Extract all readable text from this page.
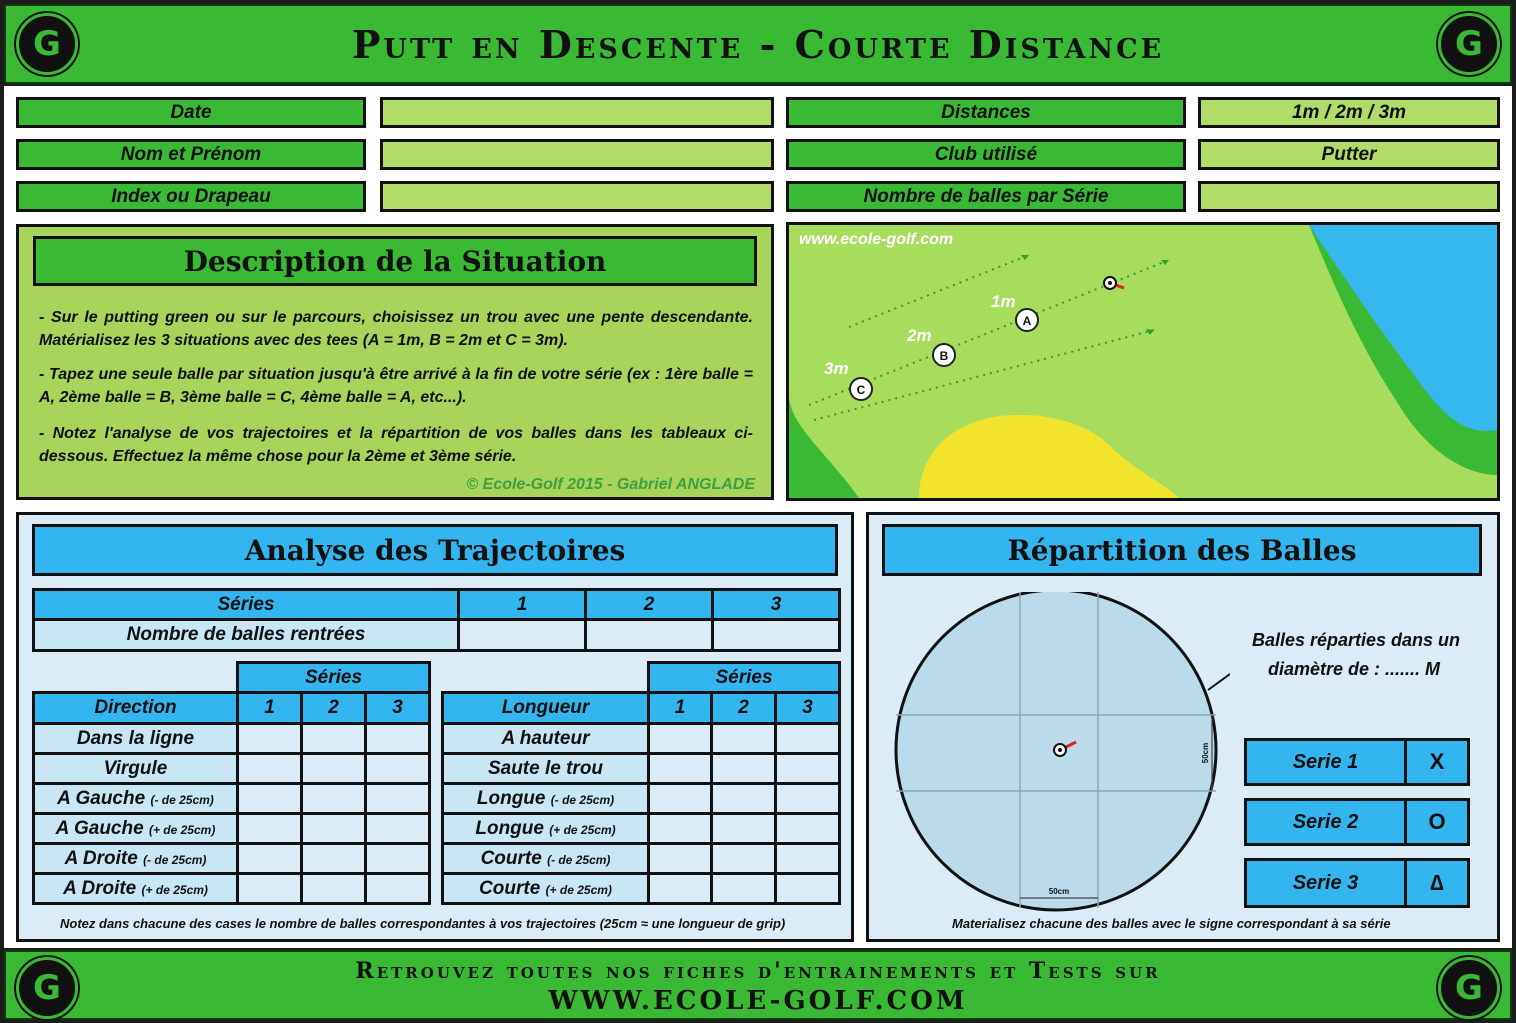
G	Putt en Descente - Courte Distance	G
Date
Nom et Prénom
Index ou Drapeau
Distances	1m / 2m / 3m
Club utilisé	Putter
Nombre de balles par Série
Description de la Situation

- Sur le putting green ou sur le parcours, choisissez un trou avec une pente descendante. Matérialisez les 3 situations avec des tees (A = 1m, B = 2m et C = 3m).

- Tapez une seule balle par situation jusqu'à être arrivé à la fin de votre série (ex : 1ère balle = A, 2ème balle = B, 3ème balle = C, 4ème balle = A, etc...).

- Notez l'analyse de vos trajectoires et la répartition de vos balles dans les tableaux ci-dessous. Effectuez la même chose pour la 2ème et 3ème série.

© Ecole-Golf 2015 - Gabriel ANGLADE
www.ecole-golf.com
A
1m
B
2m
C
3m
Analyse des Trajectoires
Séries	1	2	3
Nombre de balles rentrées			
	Séries		
Direction	1	2	3
Dans la ligne			
Virgule			
A Gauche (- de 25cm)			
A Gauche (+ de 25cm)			
A Droite (- de 25cm)			
A Droite (+ de 25cm)			
	Séries		
Longueur	1	2	3
A hauteur			
Saute le trou			
Longue (- de 25cm)			
Longue (+ de 25cm)			
Courte (- de 25cm)			
Courte (+ de 25cm)			
Notez dans chacune des cases le nombre de balles correspondantes à vos trajectoires (25cm ≈ une longueur de grip)
Répartition des Balles
50cm
50cm
Balles réparties dans un
diamètre de : ....... M
Serie 1	X
Serie 2	O
Serie 3	∆
Materialisez chacune des balles avec le signe correspondant à sa série
G	Retrouvez toutes nos fiches d'entrainements et Tests sur
WWW.ECOLE-GOLF.COM	G
